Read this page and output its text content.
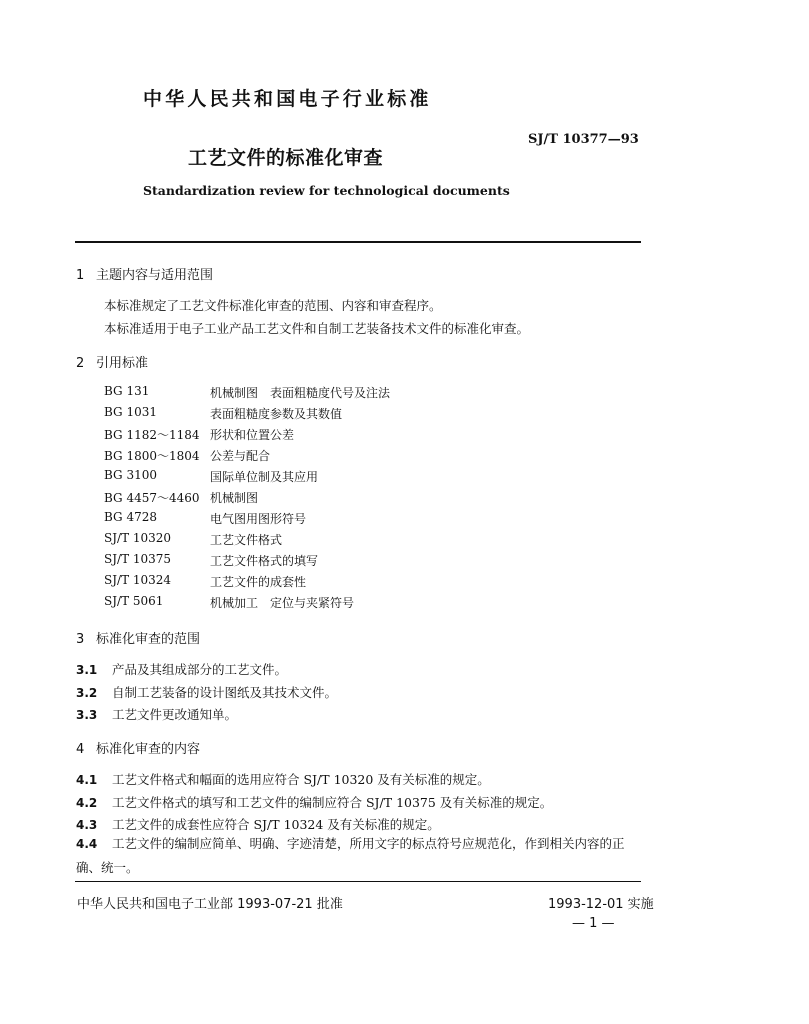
中华人民共和国电子行业标准
SJ/T 10377—93
工艺文件的标准化审查
Standardization review for technological documents
1 主题内容与适用范围
本标准规定了工艺文件标准化审查的范围、内容和审查程序。
本标准适用于电子工业产品工艺文件和自制工艺装备技术文件的标准化审查。
2 引用标准
BG 131	机械制图　表面粗糙度代号及注法
BG 1031	表面粗糙度参数及其数值
BG 1182～1184 形状和位置公差
BG 1800～1804 公差与配合
BG 3100	国际单位制及其应用
BG 4457～4460 机械制图
BG 4728	电气图用图形符号
SJ/T 10320	工艺文件格式
SJ/T 10375	工艺文件格式的填写
SJ/T 10324	工艺文件的成套性
SJ/T 5061	机械加工　定位与夹紧符号
3 标准化审查的范围
3.1 产品及其组成部分的工艺文件。
3.2 自制工艺装备的设计图纸及其技术文件。
3.3 工艺文件更改通知单。
4 标准化审查的内容
4.1 工艺文件格式和幅面的选用应符合 SJ/T 10320 及有关标准的规定。
4.2 工艺文件格式的填写和工艺文件的编制应符合 SJ/T 10375 及有关标准的规定。
4.3 工艺文件的成套性应符合 SJ/T 10324 及有关标准的规定。
4.4 工艺文件的编制应简单、明确、字迹清楚，所用文字的标点符号应规范化，作到相关内容的正确、统一。
中华人民共和国电子工业部 1993-07-21 批准	1993-12-01 实施
— 1 —
